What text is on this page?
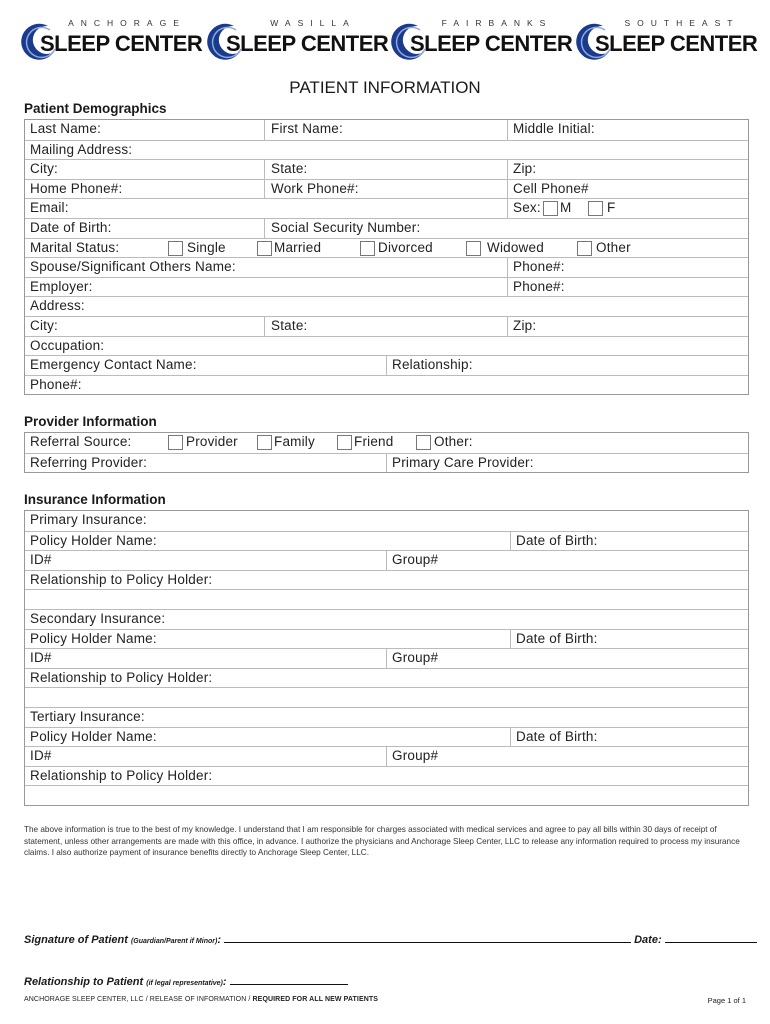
ANCHORAGE
SLEEP CENTER
WASILLA
SLEEP CENTER
FAIRBANKS
SLEEP CENTER
SOUTHEAST
SLEEP CENTER
PATIENT INFORMATION
Patient Demographics
Last Name:	First Name:	Middle Initial:
Mailing Address:
City:	State:	Zip:
Home Phone#:	Work Phone#:	Cell Phone#
Email:	Sex: M	F
Date of Birth:	Social Security Number:
Marital Status:	Single	Married	Divorced	Widowed	Other
Spouse/Significant Others Name:	Phone#:
Employer:	Phone#:
Address:
City:	State:	Zip:
Occupation:
Emergency Contact Name:	Relationship:
Phone#:
Provider Information
Referral Source:	Provider	Family	Friend	Other:
Referring Provider:	Primary Care Provider:
Insurance Information
Primary Insurance:
Policy Holder Name:	Date of Birth:
ID#	Group#
Relationship to Policy Holder:
Secondary Insurance:
Policy Holder Name:	Date of Birth:
ID#	Group#
Relationship to Policy Holder:
Tertiary Insurance:
Policy Holder Name:	Date of Birth:
ID#	Group#
Relationship to Policy Holder:
The above information is true to the best of my knowledge. I understand that I am responsible for charges associated with medical services and agree to pay all bills within 30 days of receipt of statement, unless other arrangements are made with this office, in advance. I authorize the physicians and Anchorage Sleep Center, LLC to release any information required to process my insurance claims. I also authorize payment of insurance benefits directly to Anchorage Sleep Center, LLC.
Signature of Patient (Guardian/Parent if Minor):	Date:
Relationship to Patient (if legal representative):
ANCHORAGE SLEEP CENTER, LLC / RELEASE OF INFORMATION / REQUIRED FOR ALL NEW PATIENTS	Page 1 of 1
